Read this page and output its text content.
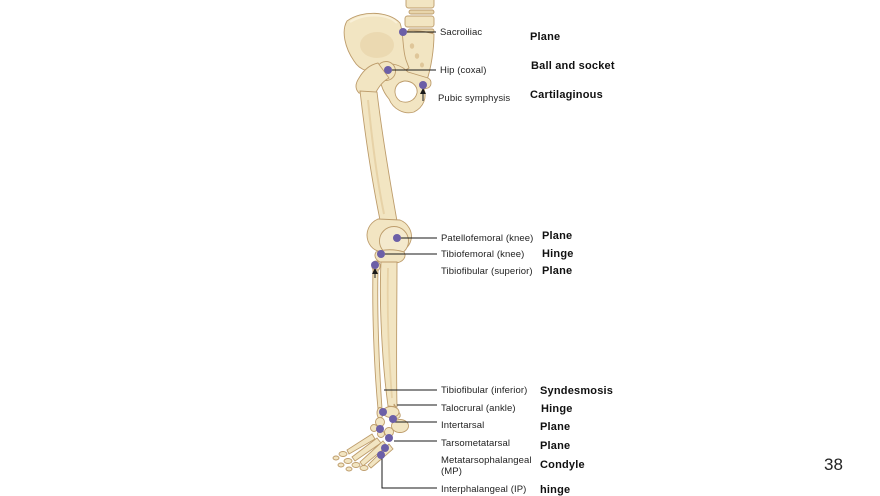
Sacroiliac
Hip (coxal)
Pubic symphysis
Patellofemoral (knee)
Tibiofemoral (knee)
Tibiofibular (superior)
Tibiofibular (inferior)
Talocrural (ankle)
Intertarsal
Tarsometatarsal
Metatarsophalangeal (MP)
Interphalangeal (IP)
Plane
Ball and socket
Cartilaginous
Plane
Hinge
Plane
Syndesmosis
Hinge
Plane
Plane
Condyle
hinge
38
